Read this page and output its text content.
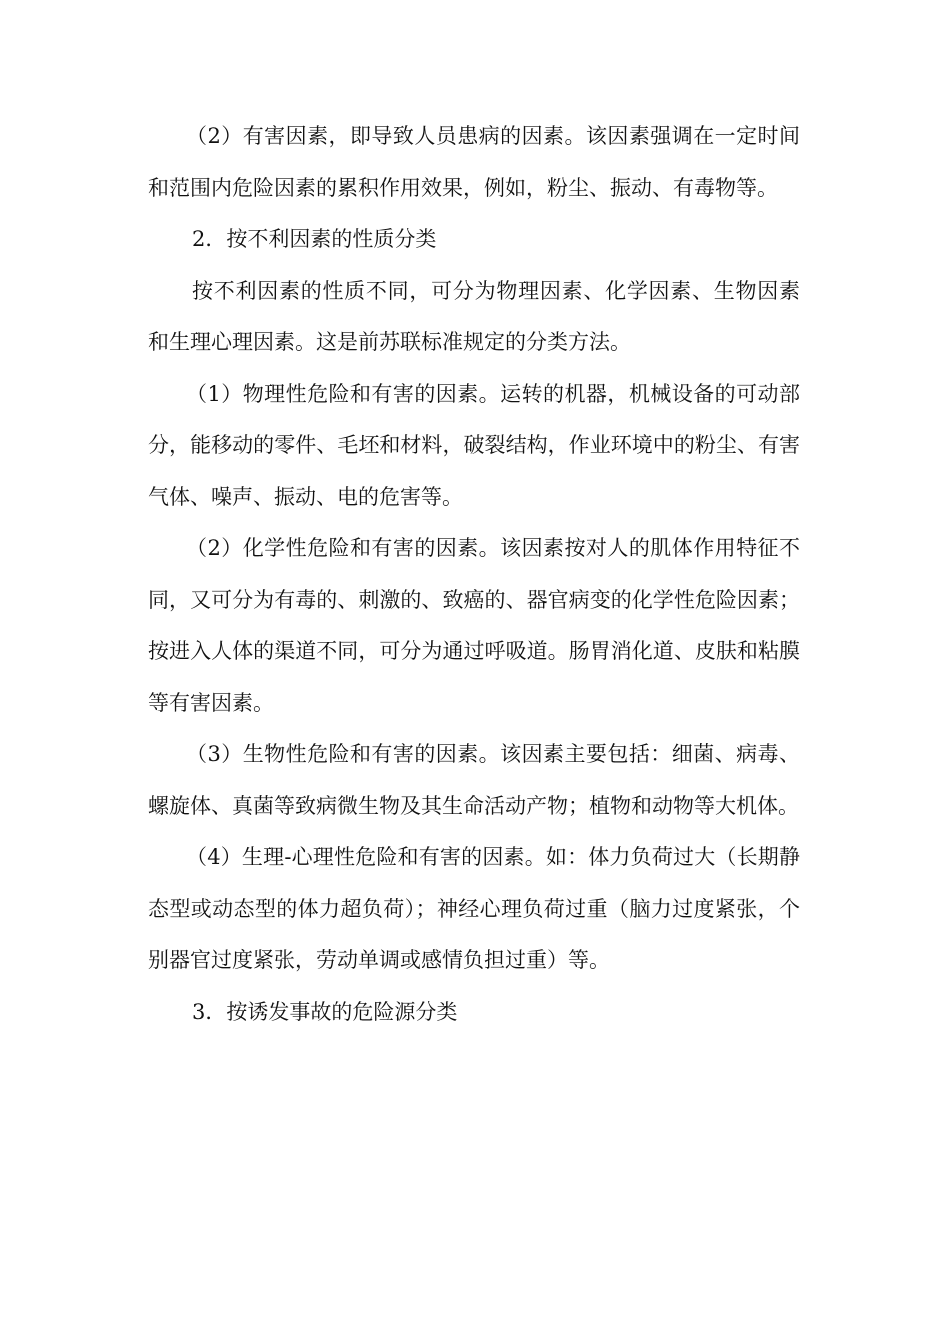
（2）有害因素，即导致人员患病的因素。该因素强调在一定时间和范围内危险因素的累积作用效果，例如，粉尘、振动、有毒物等。

2．按不利因素的性质分类

按不利因素的性质不同，可分为物理因素、化学因素、生物因素和生理心理因素。这是前苏联标准规定的分类方法。

（1）物理性危险和有害的因素。运转的机器，机械设备的可动部分，能移动的零件、毛坯和材料，破裂结构，作业环境中的粉尘、有害气体、噪声、振动、电的危害等。

（2）化学性危险和有害的因素。该因素按对人的肌体作用特征不同，又可分为有毒的、刺激的、致癌的、器官病变的化学性危险因素；按进入人体的渠道不同，可分为通过呼吸道。肠胃消化道、皮肤和粘膜等有害因素。

（3）生物性危险和有害的因素。该因素主要包括：细菌、病毒、螺旋体、真菌等致病微生物及其生命活动产物；植物和动物等大机体。

（4）生理-心理性危险和有害的因素。如：体力负荷过大（长期静态型或动态型的体力超负荷）；神经心理负荷过重（脑力过度紧张，个别器官过度紧张，劳动单调或感情负担过重）等。

3．按诱发事故的危险源分类
